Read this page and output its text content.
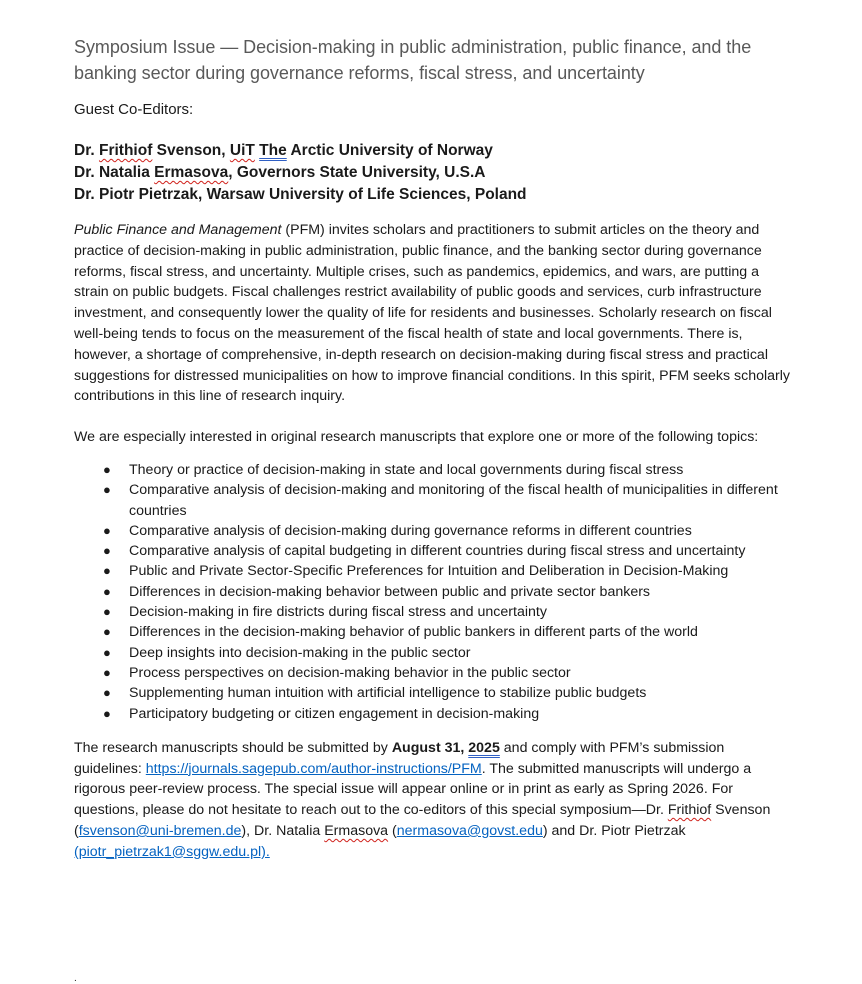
Symposium Issue — Decision-making in public administration, public finance, and the banking sector during governance reforms, fiscal stress, and uncertainty

Guest Co-Editors:

Dr. Frithiof Svenson, UiT The Arctic University of Norway
Dr. Natalia Ermasova, Governors State University, U.S.A
Dr. Piotr Pietrzak, Warsaw University of Life Sciences, Poland

Public Finance and Management (PFM) invites scholars and practitioners to submit articles on the theory and practice of decision-making in public administration, public finance, and the banking sector during governance reforms, fiscal stress, and uncertainty. Multiple crises, such as pandemics, epidemics, and wars, are putting a strain on public budgets. Fiscal challenges restrict availability of public goods and services, curb infrastructure investment, and consequently lower the quality of life for residents and businesses. Scholarly research on fiscal well-being tends to focus on the measurement of the fiscal health of state and local governments. There is, however, a shortage of comprehensive, in-depth research on decision-making during fiscal stress and practical suggestions for distressed municipalities on how to improve financial conditions. In this spirit, PFM seeks scholarly contributions in this line of research inquiry.

We are especially interested in original research manuscripts that explore one or more of the following topics:

● Theory or practice of decision-making in state and local governments during fiscal stress
● Comparative analysis of decision-making and monitoring of the fiscal health of municipalities in different countries
● Comparative analysis of decision-making during governance reforms in different countries
● Comparative analysis of capital budgeting in different countries during fiscal stress and uncertainty
● Public and Private Sector-Specific Preferences for Intuition and Deliberation in Decision-Making
● Differences in decision-making behavior between public and private sector bankers
● Decision-making in fire districts during fiscal stress and uncertainty
● Differences in the decision-making behavior of public bankers in different parts of the world
● Deep insights into decision-making in the public sector
● Process perspectives on decision-making behavior in the public sector
● Supplementing human intuition with artificial intelligence to stabilize public budgets
● Participatory budgeting or citizen engagement in decision-making

The research manuscripts should be submitted by August 31, 2025 and comply with PFM’s submission guidelines: https://journals.sagepub.com/author-instructions/PFM. The submitted manuscripts will undergo a rigorous peer-review process. The special issue will appear online or in print as early as Spring 2026. For questions, please do not hesitate to reach out to the co-editors of this special symposium—Dr. Frithiof Svenson (fsvenson@uni-bremen.de), Dr. Natalia Ermasova (nermasova@govst.edu) and Dr. Piotr Pietrzak (piotr_pietrzak1@sggw.edu.pl).

.
